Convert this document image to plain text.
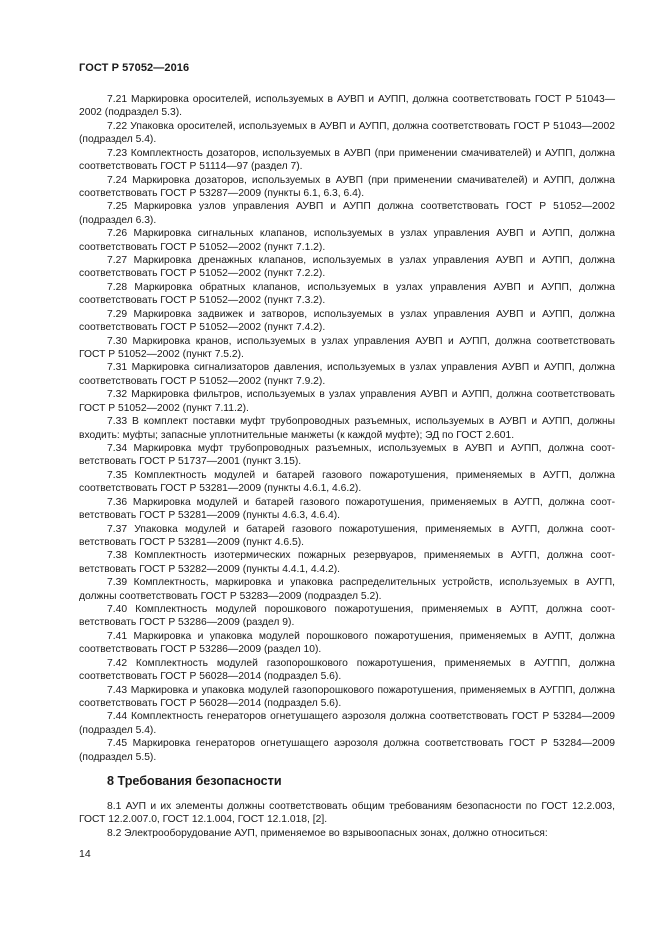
ГОСТ Р 57052—2016

7.21 Маркировка оросителей, используемых в АУВП и АУПП, должна соответствовать ГОСТ Р 51043—2002 (подраздел 5.3).

7.22 Упаковка оросителей, используемых в АУВП и АУПП, должна соответствовать ГОСТ Р 51043—2002 (подраздел 5.4).

7.23 Комплектность дозаторов, используемых в АУВП (при применении смачивателей) и АУПП, должна соответствовать ГОСТ Р 51114—97 (раздел 7).

7.24 Маркировка дозаторов, используемых в АУВП (при применении смачивателей) и АУПП, должна соответствовать ГОСТ Р 53287—2009 (пункты 6.1, 6.3, 6.4).

7.25 Маркировка узлов управления АУВП и АУПП должна соответствовать ГОСТ Р 51052—2002 (подраздел 6.3).

7.26 Маркировка сигнальных клапанов, используемых в узлах управления АУВП и АУПП, должна соответствовать ГОСТ Р 51052—2002 (пункт 7.1.2).

7.27 Маркировка дренажных клапанов, используемых в узлах управления АУВП и АУПП, должна соответствовать ГОСТ Р 51052—2002 (пункт 7.2.2).

7.28 Маркировка обратных клапанов, используемых в узлах управления АУВП и АУПП, должна соответствовать ГОСТ Р 51052—2002 (пункт 7.3.2).

7.29 Маркировка задвижек и затворов, используемых в узлах управления АУВП и АУПП, должна соответствовать ГОСТ Р 51052—2002 (пункт 7.4.2).

7.30 Маркировка кранов, используемых в узлах управления АУВП и АУПП, должна соответствовать ГОСТ Р 51052—2002 (пункт 7.5.2).

7.31 Маркировка сигнализаторов давления, используемых в узлах управления АУВП и АУПП, должна соответствовать ГОСТ Р 51052—2002 (пункт 7.9.2).

7.32 Маркировка фильтров, используемых в узлах управления АУВП и АУПП, должна соответствовать ГОСТ Р 51052—2002 (пункт 7.11.2).

7.33 В комплект поставки муфт трубопроводных разъемных, используемых в АУВП и АУПП, должны входить: муфты; запасные уплотнительные манжеты (к каждой муфте); ЭД по ГОСТ 2.601.

7.34 Маркировка муфт трубопроводных разъемных, используемых в АУВП и АУПП, должна соответствовать ГОСТ Р 51737—2001 (пункт 3.15).

7.35 Комплектность модулей и батарей газового пожаротушения, применяемых в АУГП, должна соответствовать ГОСТ Р 53281—2009 (пункты 4.6.1, 4.6.2).

7.36 Маркировка модулей и батарей газового пожаротушения, применяемых в АУГП, должна соответствовать ГОСТ Р 53281—2009 (пункты 4.6.3, 4.6.4).

7.37 Упаковка модулей и батарей газового пожаротушения, применяемых в АУГП, должна соответствовать ГОСТ Р 53281—2009 (пункт 4.6.5).

7.38 Комплектность изотермических пожарных резервуаров, применяемых в АУГП, должна соответствовать ГОСТ Р 53282—2009 (пункты 4.4.1, 4.4.2).

7.39 Комплектность, маркировка и упаковка распределительных устройств, используемых в АУГП, должны соответствовать ГОСТ Р 53283—2009 (подраздел 5.2).

7.40 Комплектность модулей порошкового пожаротушения, применяемых в АУПТ, должна соответствовать ГОСТ Р 53286—2009 (раздел 9).

7.41 Маркировка и упаковка модулей порошкового пожаротушения, применяемых в АУПТ, должна соответствовать ГОСТ Р 53286—2009 (раздел 10).

7.42 Комплектность модулей газопорошкового пожаротушения, применяемых в АУГПП, должна соответствовать ГОСТ Р 56028—2014 (подраздел 5.6).

7.43 Маркировка и упаковка модулей газопорошкового пожаротушения, применяемых в АУГПП, должна соответствовать ГОСТ Р 56028—2014 (подраздел 5.6).

7.44 Комплектность генераторов огнетушащего аэрозоля должна соответствовать ГОСТ Р 53284—2009 (подраздел 5.4).

7.45 Маркировка генераторов огнетушащего аэрозоля должна соответствовать ГОСТ Р 53284—2009 (подраздел 5.5).

8 Требования безопасности

8.1 АУП и их элементы должны соответствовать общим требованиям безопасности по ГОСТ 12.2.003, ГОСТ 12.2.007.0, ГОСТ 12.1.004, ГОСТ 12.1.018, [2].

8.2 Электрооборудование АУП, применяемое во взрывоопасных зонах, должно относиться:

14
